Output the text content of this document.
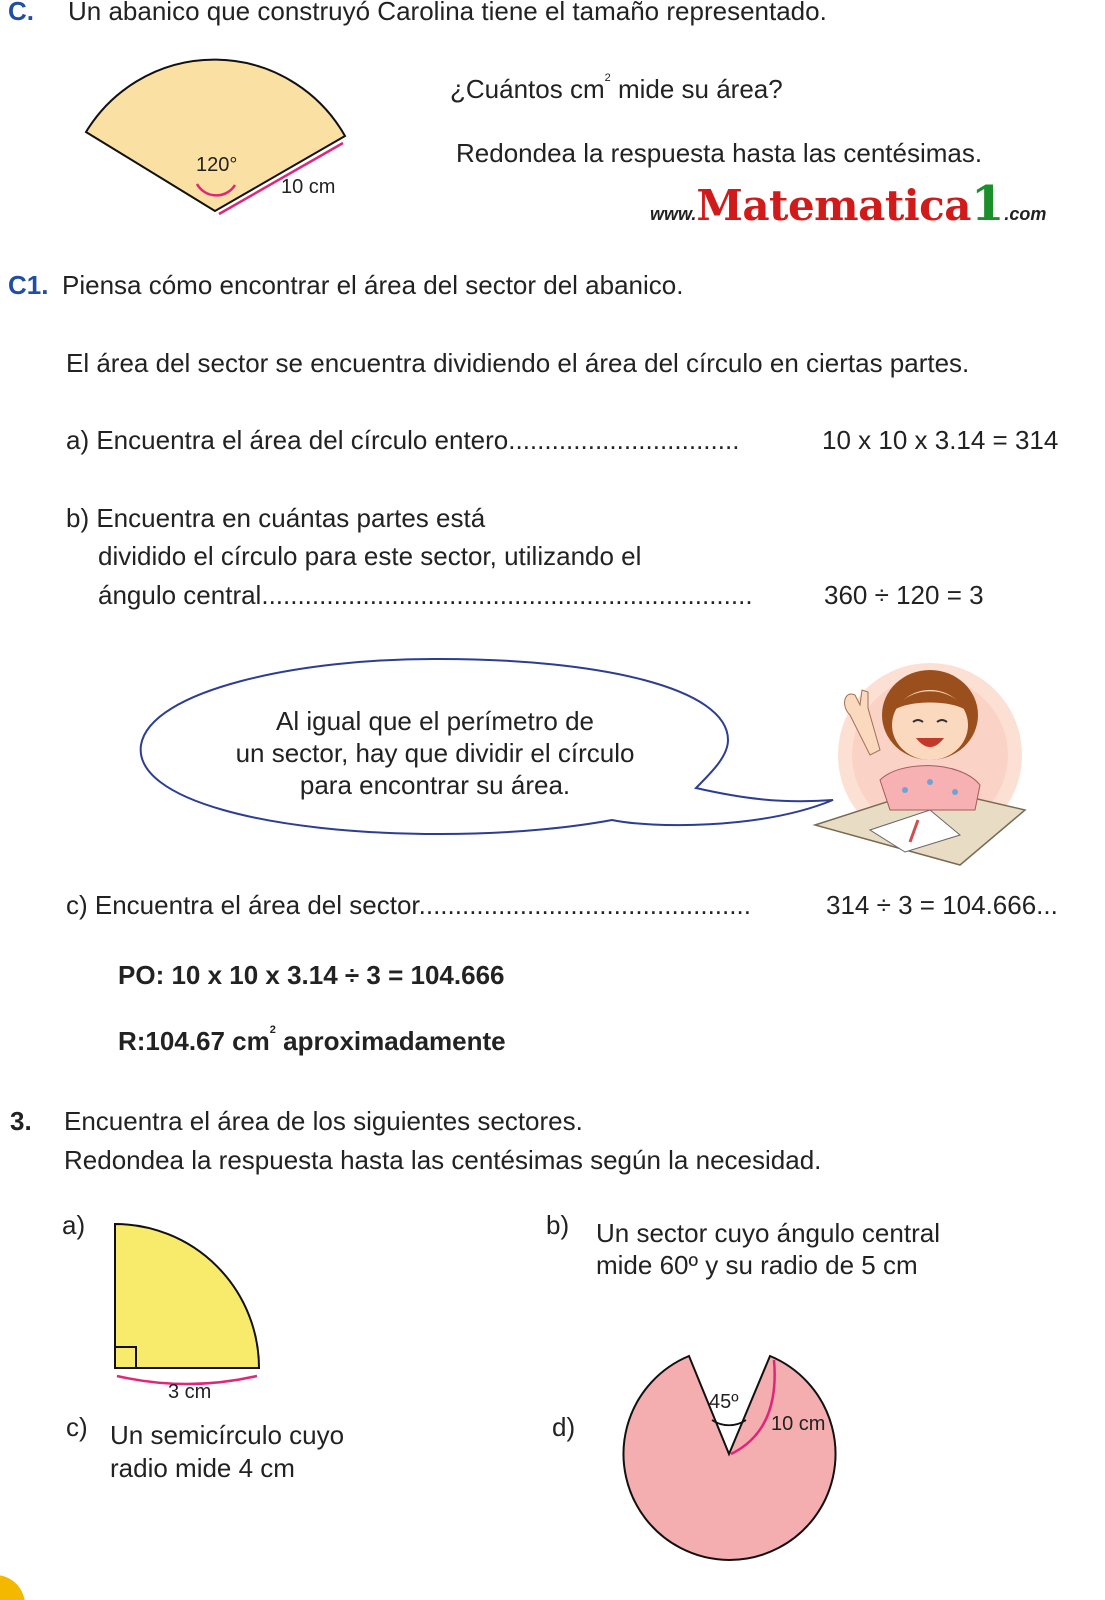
C. Un abanico que construyó Carolina tiene el tamaño representado.
120°
10 cm
¿Cuántos $cm^2$ mide su área?
Redondea la respuesta hasta las centésimas.
www.Matematica1.com
C1. Piensa cómo encontrar el área del sector del abanico.
El área del sector se encuentra dividiendo el área del círculo en ciertas partes.
a) Encuentra el área del círculo entero................................	10 x 10 x 3.14 = 314
b) Encuentra en cuántas partes está
dividido el círculo para este sector, utilizando el
ángulo central....................................................................	360 ÷ 120 = 3
Al igual que el perímetro de
un sector, hay que dividir el círculo
para encontrar su área.
c) Encuentra el área del sector..............................................	314 ÷ 3 = 104.666...
PO: 10 x 10 x 3.14 ÷ 3 = 104.666
R:104.67 $cm^2$ aproximadamente
3. Encuentra el área de los siguientes sectores.
Redondea la respuesta hasta las centésimas según la necesidad.
a)
3 cm
b) Un sector cuyo ángulo central
mide 60º y su radio de 5 cm
c) Un semicírculo cuyo
radio mide 4 cm
d)
45º
10 cm
